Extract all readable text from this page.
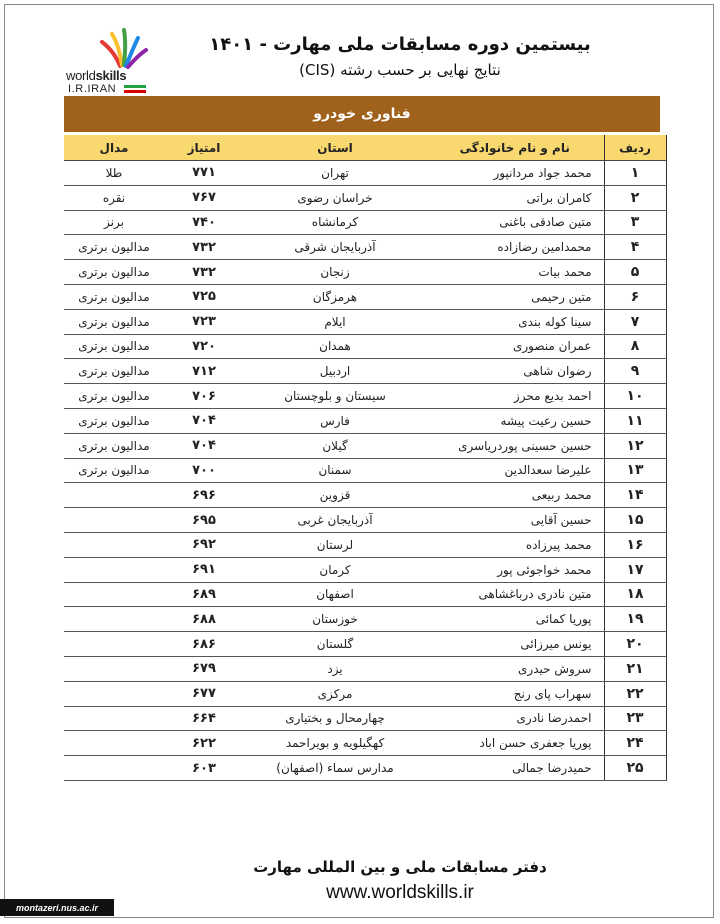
worldskills
I.R.IRAN
بیستمین دوره مسابقات ملی مهارت - ۱۴۰۱
نتایج نهایی بر حسب رشته (CIS)
فناوری خودرو
ردیف	نام و نام خانوادگی	استان	امتیاز	مدال
۱	محمد جواد مردانپور	تهران	۷۷۱	طلا
۲	کامران براتی	خراسان رضوی	۷۶۷	نقره
۳	متین صادقی باغنی	کرمانشاه	۷۴۰	برنز
۴	محمدامین رضازاده	آذربایجان شرقی	۷۳۲	مدالیون برتری
۵	محمد بیات	زنجان	۷۳۲	مدالیون برتری
۶	متین رحیمی	هرمزگان	۷۲۵	مدالیون برتری
۷	سینا کوله بندی	ایلام	۷۲۳	مدالیون برتری
۸	عمران منصوری	همدان	۷۲۰	مدالیون برتری
۹	رضوان شاهی	اردبیل	۷۱۲	مدالیون برتری
۱۰	احمد بدیع محرز	سیستان و بلوچستان	۷۰۶	مدالیون برتری
۱۱	حسین رعیت پیشه	فارس	۷۰۴	مدالیون برتری
۱۲	حسین حسینی پوردریاسری	گیلان	۷۰۴	مدالیون برتری
۱۳	علیرضا سعدالدین	سمنان	۷۰۰	مدالیون برتری
۱۴	محمد ربیعی	قزوین	۶۹۶	
۱۵	حسین آقایی	آذربایجان غربی	۶۹۵	
۱۶	محمد پیرزاده	لرستان	۶۹۲	
۱۷	محمد خواجوئی پور	کرمان	۶۹۱	
۱۸	متین نادری درباغشاهی	اصفهان	۶۸۹	
۱۹	پوریا کمائی	خوزستان	۶۸۸	
۲۰	یونس میرزائی	گلستان	۶۸۶	
۲۱	سروش حیدری	یزد	۶۷۹	
۲۲	سهراب پای رنج	مرکزی	۶۷۷	
۲۳	احمدرضا نادری	چهارمحال و بختیاری	۶۶۴	
۲۴	پوریا جعفری حسن اباد	کهگیلویه و بویراحمد	۶۲۲	
۲۵	حمیدرضا جمالی	مدارس سماء (اصفهان)	۶۰۳	
دفتر مسابقات ملی و بین المللی مهارت
www.worldskills.ir
montazeri.nus.ac.ir
